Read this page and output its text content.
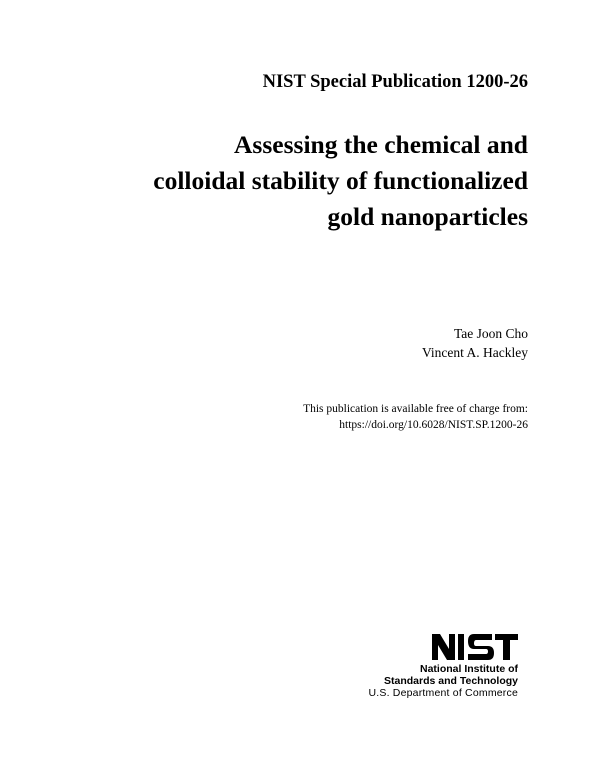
NIST Special Publication 1200-26
Assessing the chemical and
colloidal stability of functionalized
gold nanoparticles
Tae Joon Cho
Vincent A. Hackley
This publication is available free of charge from:
https://doi.org/10.6028/NIST.SP.1200-26
National Institute of
Standards and Technology
U.S. Department of Commerce
